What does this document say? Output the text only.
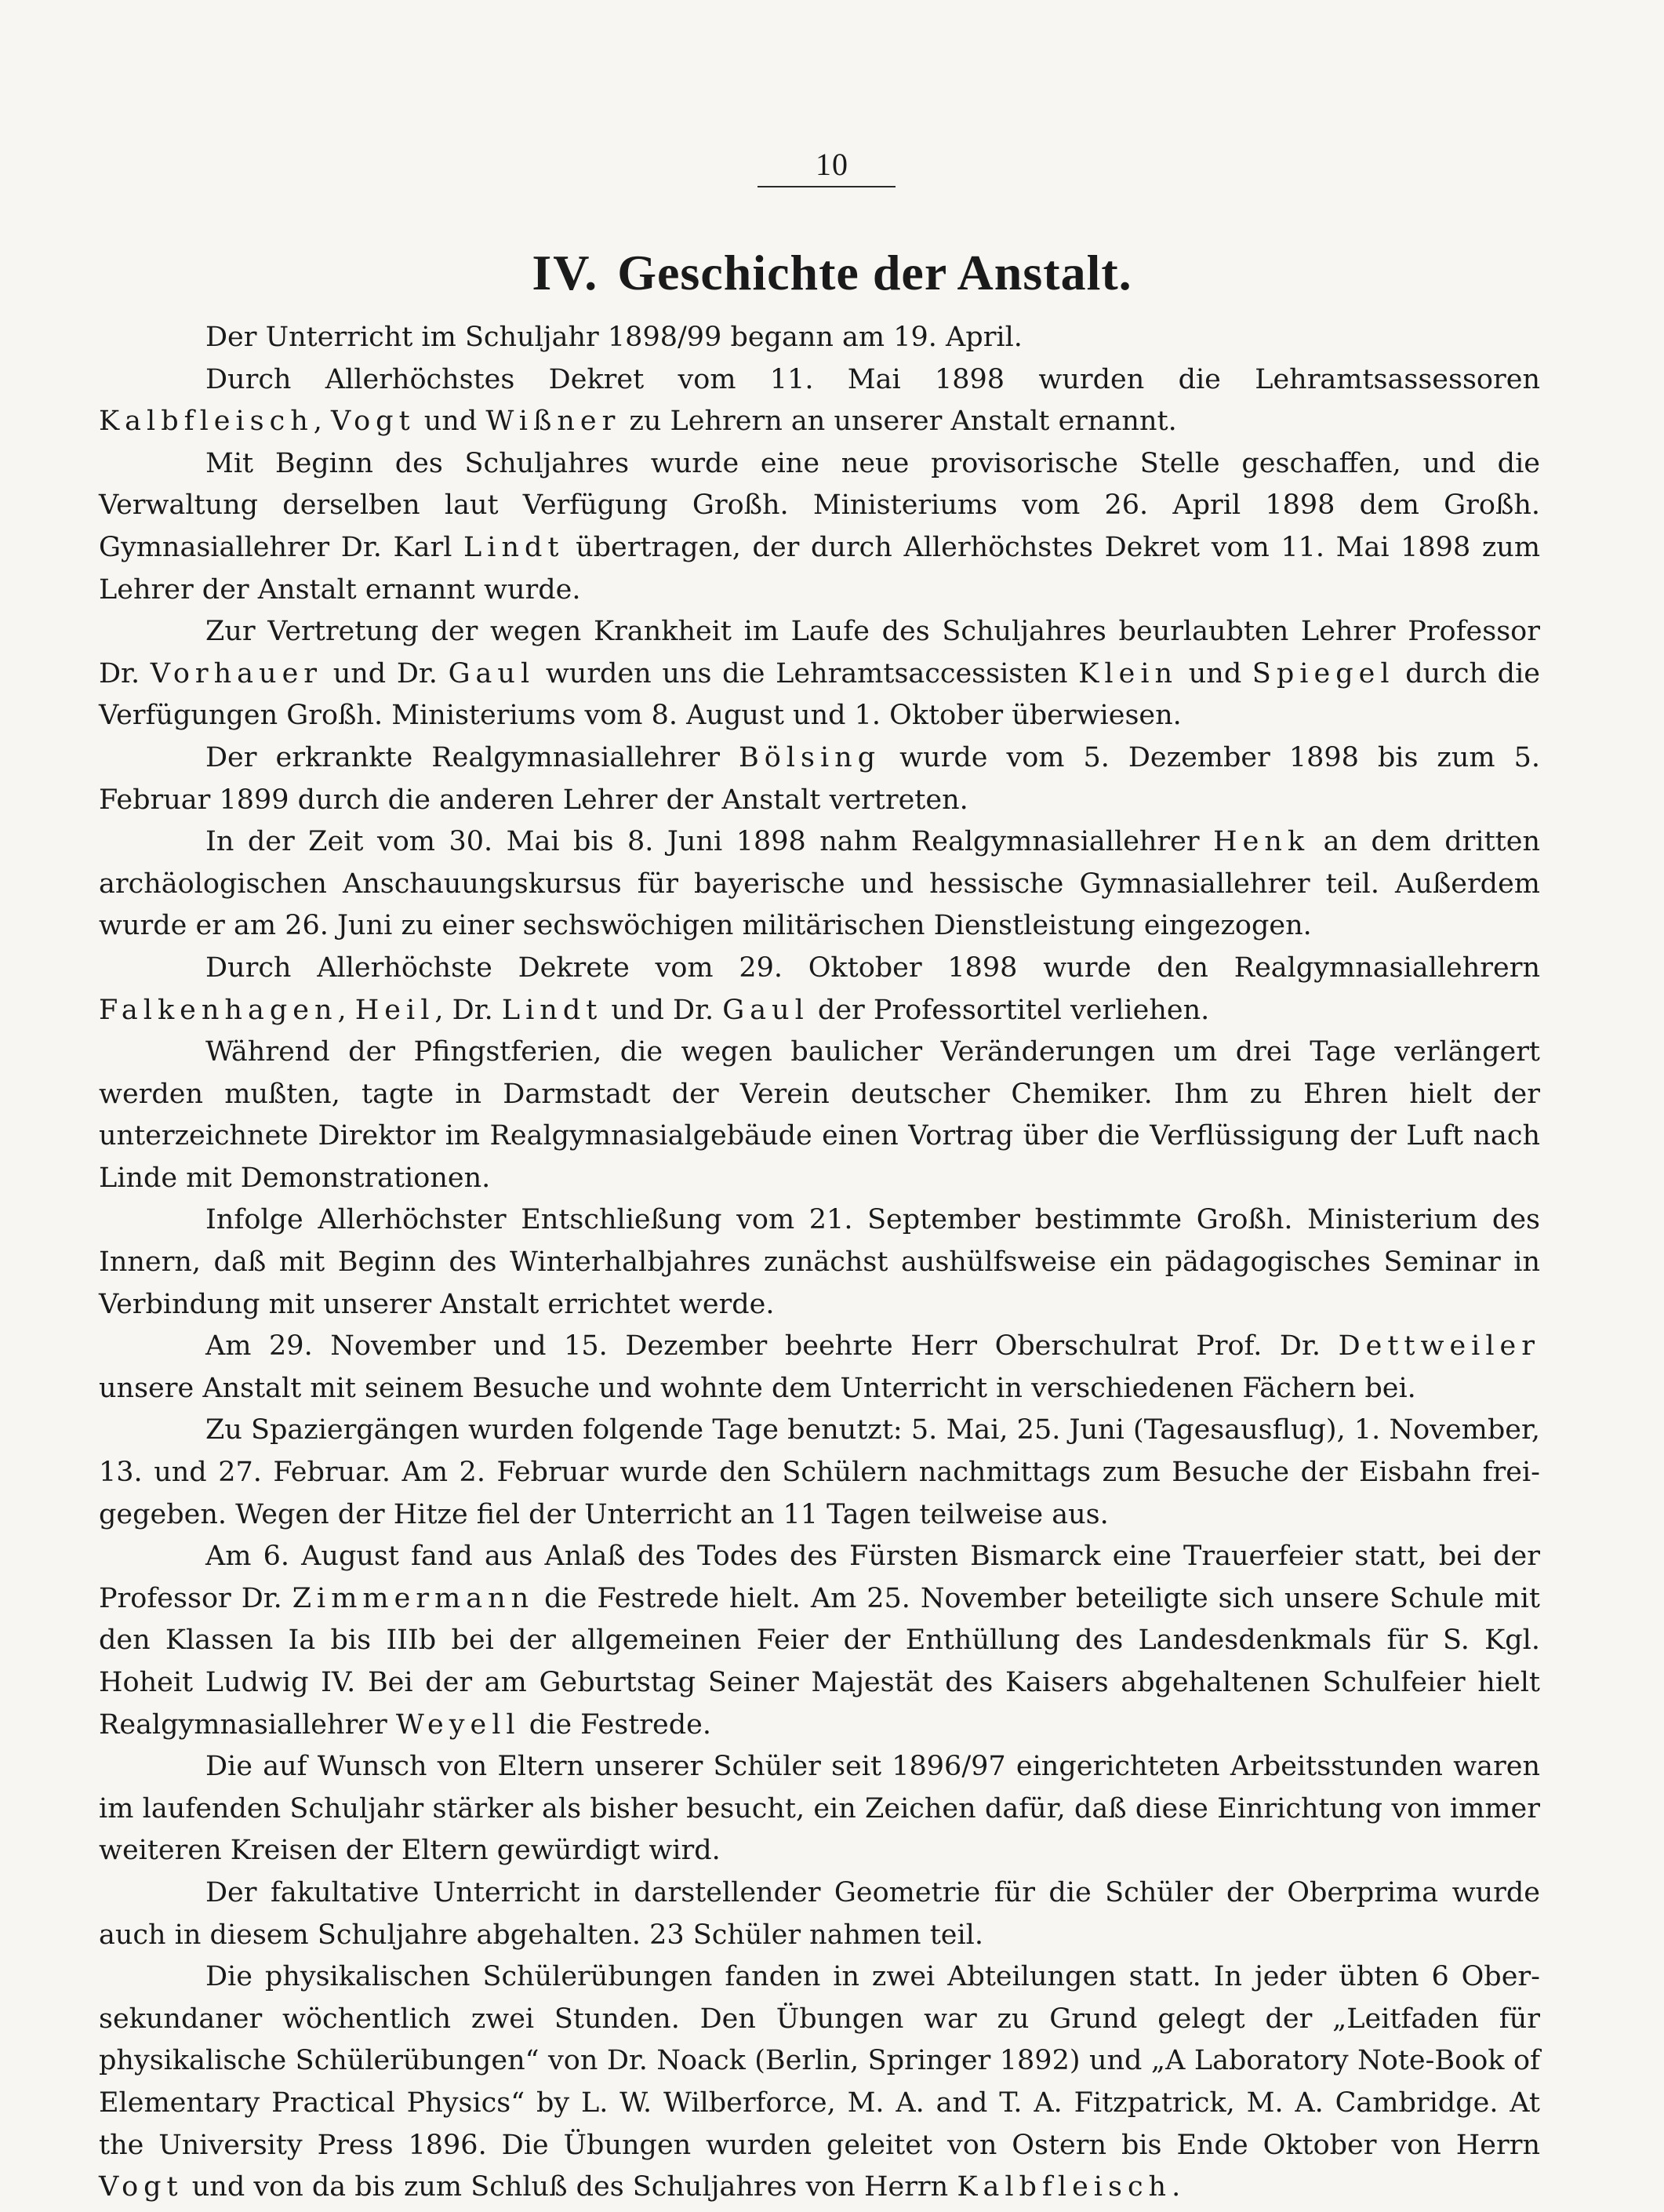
10
IV. Geschichte der Anstalt.

Der Unterricht im Schuljahr 1898/99 begann am 19. April.

Durch Allerhöchstes Dekret vom 11. Mai 1898 wurden die Lehramtsassessoren Kalbfleisch, Vogt und Wißner zu Lehrern an unserer Anstalt ernannt.

Mit Beginn des Schuljahres wurde eine neue provisorische Stelle geschaffen, und die Verwaltung derselben laut Verfügung Großh. Ministeriums vom 26. April 1898 dem Großh. Gymnasiallehrer Dr. Karl Lindt übertragen, der durch Allerhöchstes Dekret vom 11. Mai 1898 zum Lehrer der Anstalt ernannt wurde.

Zur Vertretung der wegen Krankheit im Laufe des Schuljahres beurlaubten Lehrer Professor Dr. Vorhauer und Dr. Gaul wurden uns die Lehramtsaccessisten Klein und Spiegel durch die Verfügungen Großh. Ministeriums vom 8. August und 1. Oktober überwiesen.

Der erkrankte Realgymnasiallehrer Bölsing wurde vom 5. Dezember 1898 bis zum 5. Februar 1899 durch die anderen Lehrer der Anstalt vertreten.

In der Zeit vom 30. Mai bis 8. Juni 1898 nahm Realgymnasiallehrer Henk an dem dritten archäologischen Anschauungskursus für bayerische und hessische Gymnasiallehrer teil. Außerdem wurde er am 26. Juni zu einer sechswöchigen militärischen Dienstleistung eingezogen.

Durch Allerhöchste Dekrete vom 29. Oktober 1898 wurde den Realgymnasiallehrern Falkenhagen, Heil, Dr. Lindt und Dr. Gaul der Professortitel verliehen.

Während der Pfingstferien, die wegen baulicher Veränderungen um drei Tage verlängert werden mußten, tagte in Darmstadt der Verein deutscher Chemiker. Ihm zu Ehren hielt der unterzeichnete Direktor im Realgymnasialgebäude einen Vortrag über die Verflüssigung der Luft nach Linde mit Demonstrationen.

Infolge Allerhöchster Entschließung vom 21. September bestimmte Großh. Ministerium des Innern, daß mit Beginn des Winterhalbjahres zunächst aushülfsweise ein pädagogisches Seminar in Verbindung mit unserer Anstalt errichtet werde.

Am 29. November und 15. Dezember beehrte Herr Oberschulrat Prof. Dr. Dettweiler unsere Anstalt mit seinem Besuche und wohnte dem Unterricht in verschiedenen Fächern bei.

Zu Spaziergängen wurden folgende Tage benutzt: 5. Mai, 25. Juni (Tagesausflug), 1. November, 13. und 27. Februar. Am 2. Februar wurde den Schülern nachmittags zum Besuche der Eisbahn freigegeben. Wegen der Hitze fiel der Unterricht an 11 Tagen teilweise aus.

Am 6. August fand aus Anlaß des Todes des Fürsten Bismarck eine Trauerfeier statt, bei der Professor Dr. Zimmermann die Festrede hielt. Am 25. November beteiligte sich unsere Schule mit den Klassen Ia bis IIIb bei der allgemeinen Feier der Enthüllung des Landesdenkmals für S. Kgl. Hoheit Ludwig IV. Bei der am Geburtstag Seiner Majestät des Kaisers abgehaltenen Schulfeier hielt Realgymnasiallehrer Weyell die Festrede.

Die auf Wunsch von Eltern unserer Schüler seit 1896/97 eingerichteten Arbeitsstunden waren im laufenden Schuljahr stärker als bisher besucht, ein Zeichen dafür, daß diese Einrichtung von immer weiteren Kreisen der Eltern gewürdigt wird.

Der fakultative Unterricht in darstellender Geometrie für die Schüler der Oberprima wurde auch in diesem Schuljahre abgehalten. 23 Schüler nahmen teil.

Die physikalischen Schülerübungen fanden in zwei Abteilungen statt. In jeder übten 6 Obersekundaner wöchentlich zwei Stunden. Den Übungen war zu Grund gelegt der „Leitfaden für physikalische Schülerübungen“ von Dr. Noack (Berlin, Springer 1892) und „A Laboratory Note-Book of Elementary Practical Physics“ by L. W. Wilberforce, M. A. and T. A. Fitzpatrick, M. A. Cambridge. At the University Press 1896. Die Übungen wurden geleitet von Ostern bis Ende Oktober von Herrn Vogt und von da bis zum Schluß des Schuljahres von Herrn Kalbfleisch.
